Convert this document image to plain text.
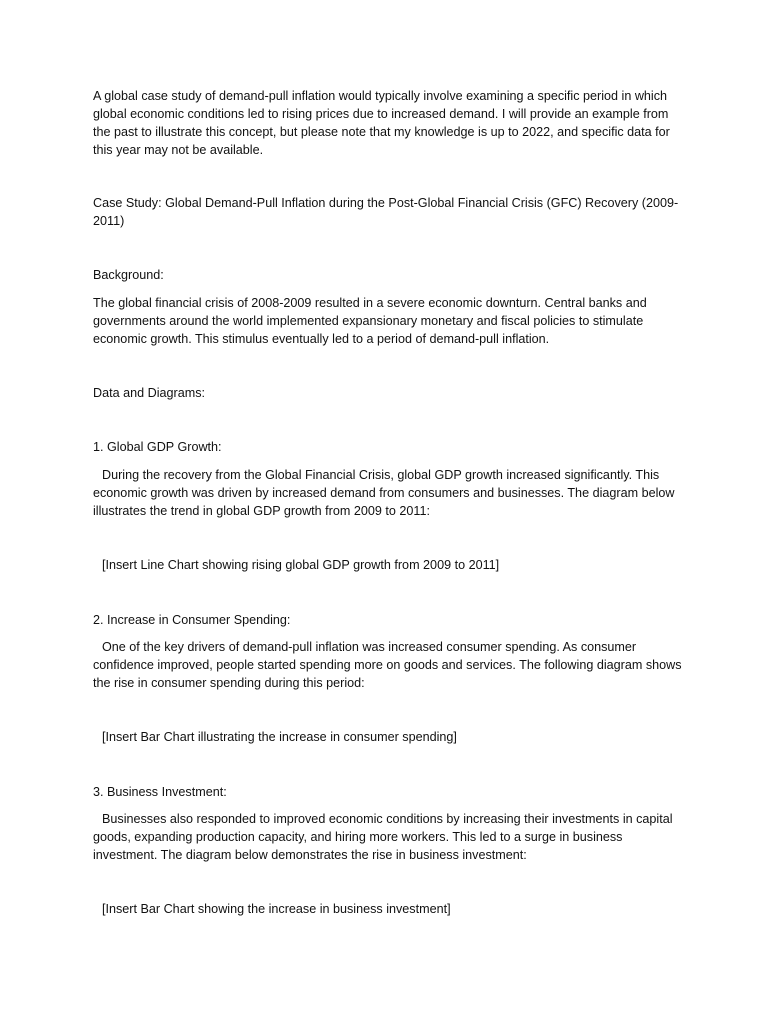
A global case study of demand-pull inflation would typically involve examining a specific period in which global economic conditions led to rising prices due to increased demand. I will provide an example from the past to illustrate this concept, but please note that my knowledge is up to 2022, and specific data for this year may not be available.

Case Study: Global Demand-Pull Inflation during the Post-Global Financial Crisis (GFC) Recovery (2009-2011)

Background:

The global financial crisis of 2008-2009 resulted in a severe economic downturn. Central banks and governments around the world implemented expansionary monetary and fiscal policies to stimulate economic growth. This stimulus eventually led to a period of demand-pull inflation.

Data and Diagrams:

1. Global GDP Growth:

During the recovery from the Global Financial Crisis, global GDP growth increased significantly. This economic growth was driven by increased demand from consumers and businesses. The diagram below illustrates the trend in global GDP growth from 2009 to 2011:

[Insert Line Chart showing rising global GDP growth from 2009 to 2011]

2. Increase in Consumer Spending:

One of the key drivers of demand-pull inflation was increased consumer spending. As consumer confidence improved, people started spending more on goods and services. The following diagram shows the rise in consumer spending during this period:

[Insert Bar Chart illustrating the increase in consumer spending]

3. Business Investment:

Businesses also responded to improved economic conditions by increasing their investments in capital goods, expanding production capacity, and hiring more workers. This led to a surge in business investment. The diagram below demonstrates the rise in business investment:

[Insert Bar Chart showing the increase in business investment]
